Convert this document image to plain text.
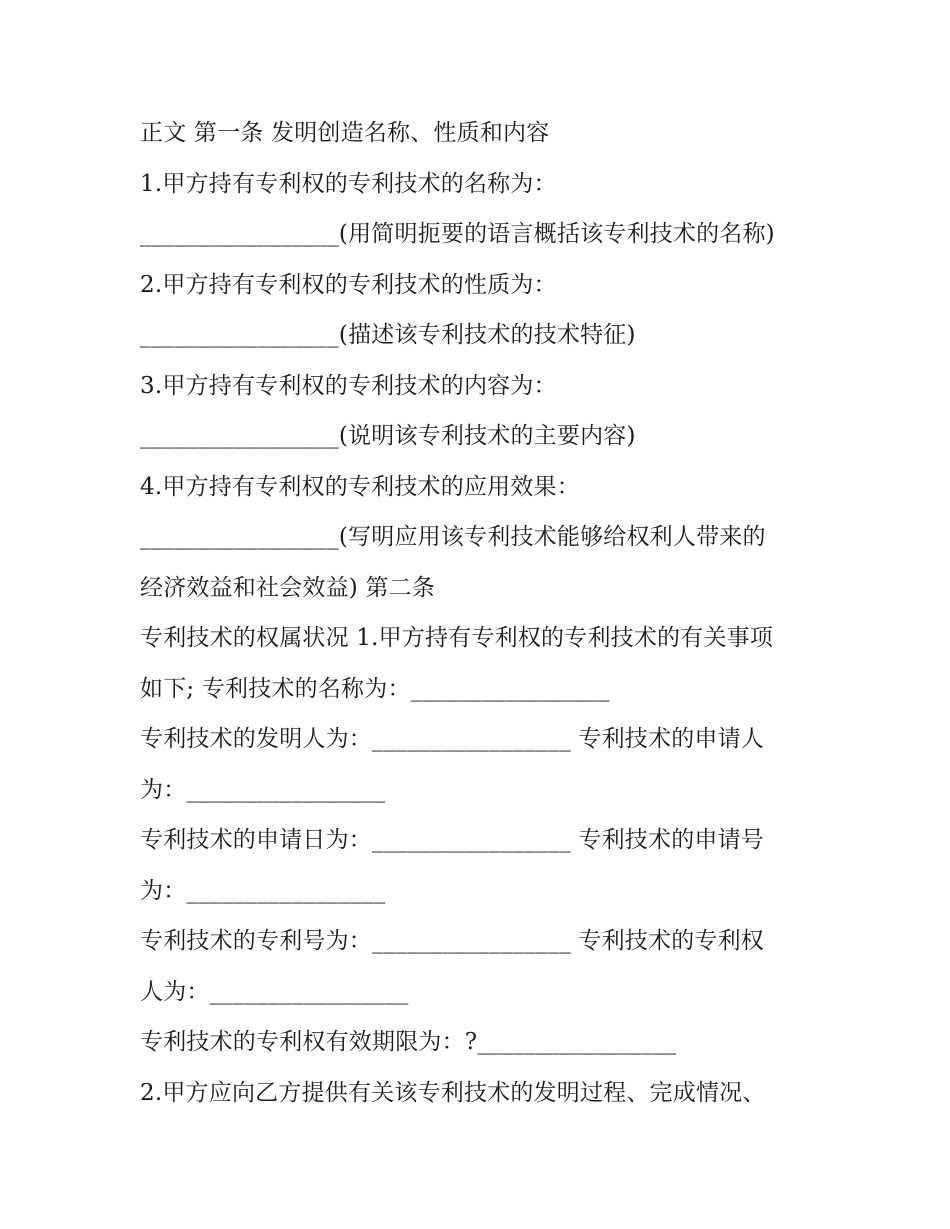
正文 第一条 发明创造名称、性质和内容
1.甲方持有专利权的专利技术的名称为：
_________________(用简明扼要的语言概括该专利技术的名称)
2.甲方持有专利权的专利技术的性质为：
_________________(描述该专利技术的技术特征)
3.甲方持有专利权的专利技术的内容为：
_________________(说明该专利技术的主要内容)
4.甲方持有专利权的专利技术的应用效果：
_________________(写明应用该专利技术能够给权利人带来的
经济效益和社会效益) 第二条
专利技术的权属状况 1.甲方持有专利权的专利技术的有关事项
如下; 专利技术的名称为：_________________
专利技术的发明人为：_________________ 专利技术的申请人
为：_________________
专利技术的申请日为：_________________ 专利技术的申请号
为：_________________
专利技术的专利号为：_________________ 专利技术的专利权
人为：_________________
专利技术的专利权有效期限为：?_________________
2.甲方应向乙方提供有关该专利技术的发明过程、完成情况、
